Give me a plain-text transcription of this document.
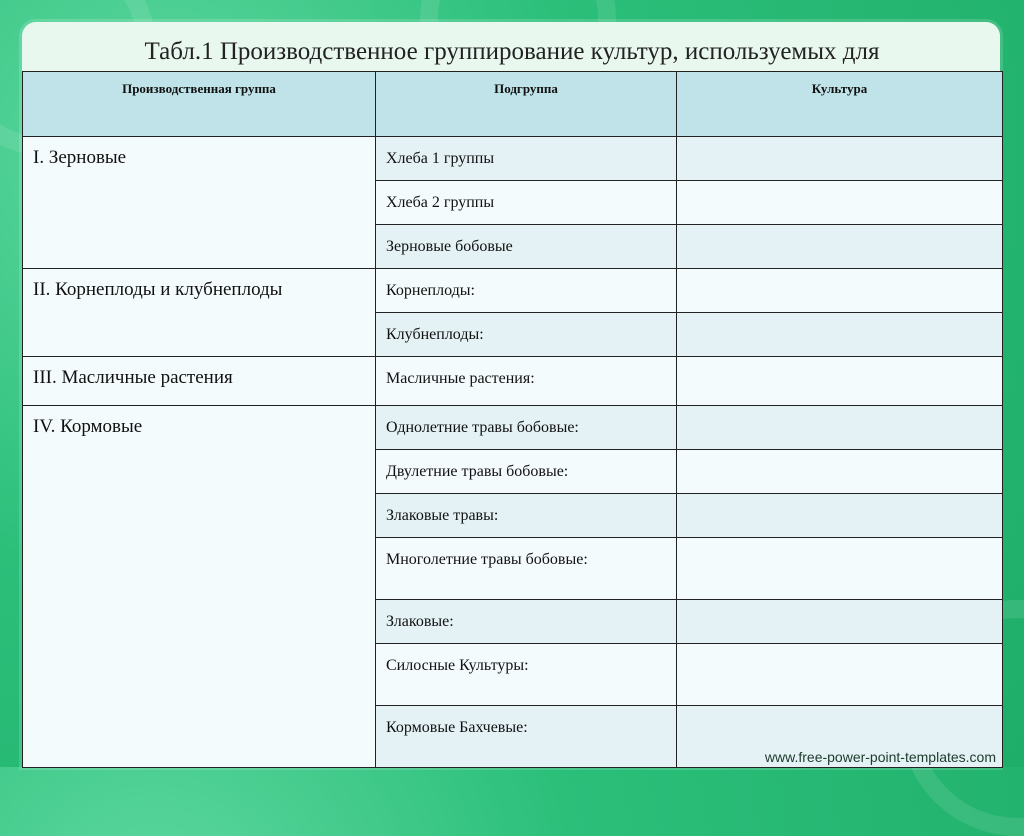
Табл.1 Производственное группирование культур, используемых для
Производственная группа	Подгруппа	Культура
I. Зерновые	Хлеба 1 группы	
	Хлеба 2 группы	
	Зерновые бобовые	
II. Корнеплоды и клубнеплоды	Корнеплоды:	
	Клубнеплоды:	
III. Масличные растения	Масличные растения:	
IV. Кормовые	Однолетние травы бобовые:	
	Двулетние травы бобовые:	
	Злаковые травы:	
	Многолетние травы бобовые:	
	Злаковые:	
	Силосные Культуры:	
	Кормовые Бахчевые:	
www.free-power-point-templates.com
